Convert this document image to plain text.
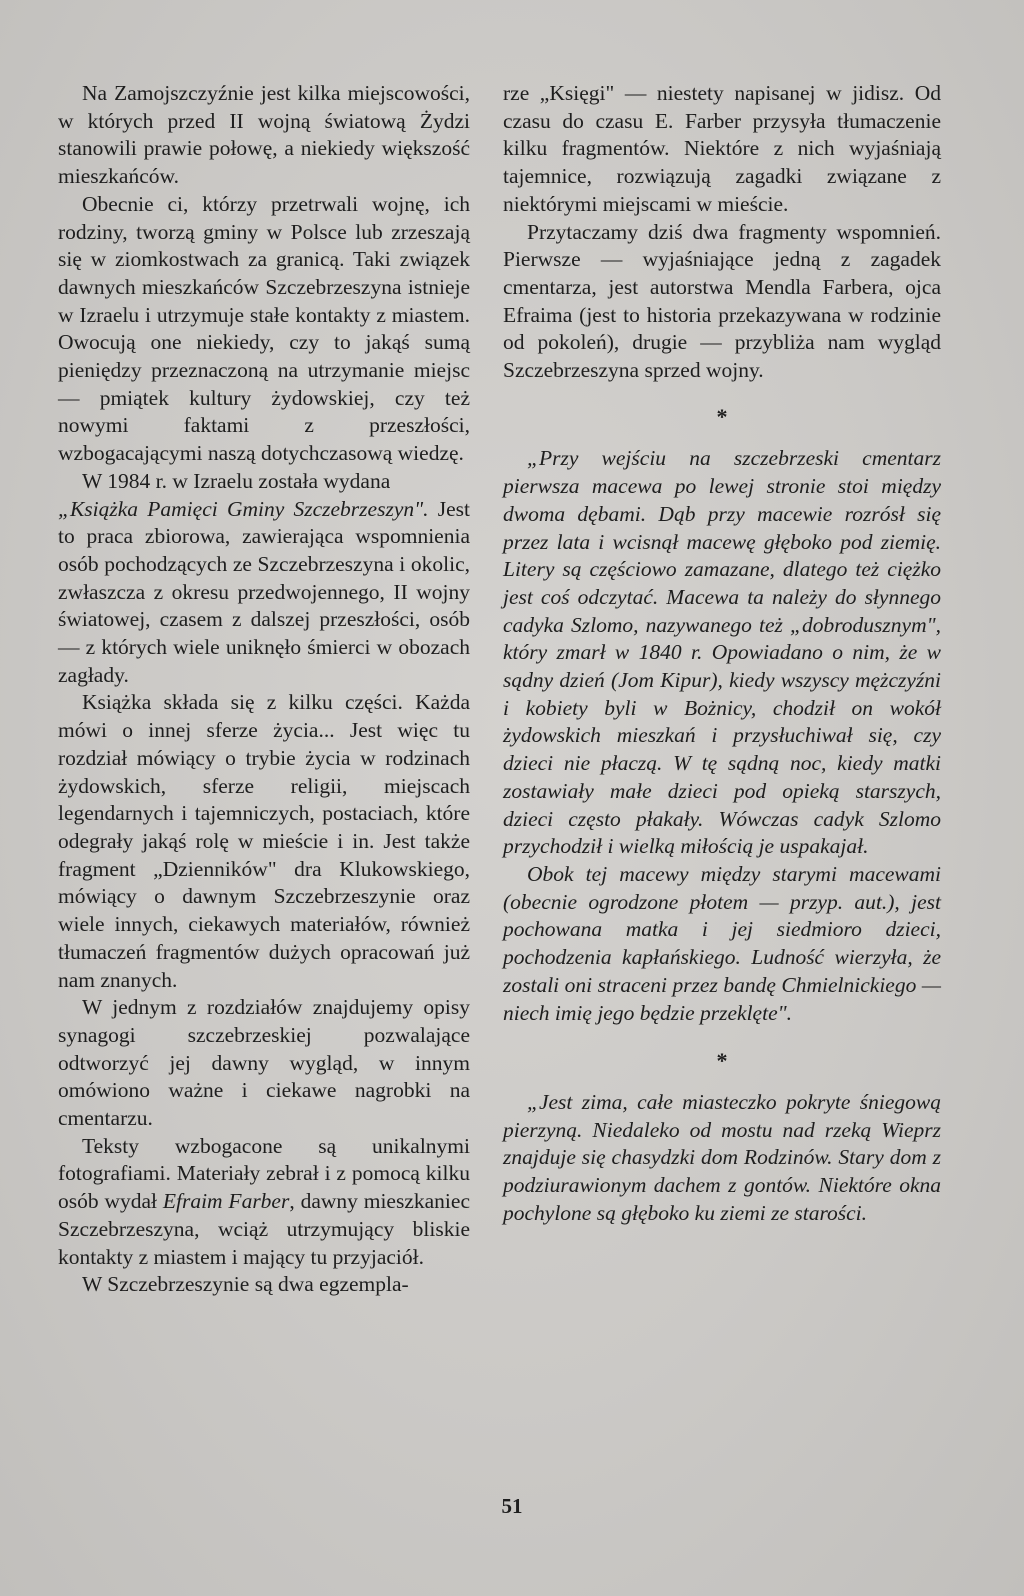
Na Zamojszczyźnie jest kilka miejscowości, w których przed II wojną światową Żydzi stanowili prawie połowę, a niekiedy większość mieszkańców.

Obecnie ci, którzy przetrwali wojnę, ich rodziny, tworzą gminy w Polsce lub zrzeszają się w ziomkostwach za granicą. Taki związek dawnych mieszkańców Szczebrzeszyna istnieje w Izraelu i utrzymuje stałe kontakty z miastem. Owocują one niekiedy, czy to jakąś sumą pieniędzy przeznaczoną na utrzymanie miejsc — pmiątek kultury żydowskiej, czy też nowymi faktami z przeszłości, wzbogacającymi naszą dotychczasową wiedzę.

W 1984 r. w Izraelu została wydana

„Książka Pamięci Gminy Szczebrzeszyn". Jest to praca zbiorowa, zawierająca wspomnienia osób pochodzących ze Szczebrzeszyna i okolic, zwłaszcza z okresu przedwojennego, II wojny światowej, czasem z dalszej przeszłości, osób — z których wiele uniknęło śmierci w obozach zagłady.

Książka składa się z kilku części. Każda mówi o innej sferze życia... Jest więc tu rozdział mówiący o trybie życia w rodzinach żydowskich, sferze religii, miejscach legendarnych i tajemniczych, postaciach, które odegrały jakąś rolę w mieście i in. Jest także fragment „Dzienników" dra Klukowskiego, mówiący o dawnym Szczebrzeszynie oraz wiele innych, ciekawych materiałów, również tłumaczeń fragmentów dużych opracowań już nam znanych.

W jednym z rozdziałów znajdujemy opisy synagogi szczebrzeskiej pozwalające odtworzyć jej dawny wygląd, w innym omówiono ważne i ciekawe nagrobki na cmentarzu.

Teksty wzbogacone są unikalnymi fotografiami. Materiały zebrał i z pomocą kilku osób wydał Efraim Farber, dawny mieszkaniec Szczebrzeszyna, wciąż utrzymujący bliskie kontakty z miastem i mający tu przyjaciół.

W Szczebrzeszynie są dwa egzempla-

rze „Księgi" — niestety napisanej w jidisz. Od czasu do czasu E. Farber przysyła tłumaczenie kilku fragmentów. Niektóre z nich wyjaśniają tajemnice, rozwiązują zagadki związane z niektórymi miejscami w mieście.

Przytaczamy dziś dwa fragmenty wspomnień. Pierwsze — wyjaśniające jedną z zagadek cmentarza, jest autorstwa Mendla Farbera, ojca Efraima (jest to historia przekazywana w rodzinie od pokoleń), drugie — przybliża nam wygląd Szczebrzeszyna sprzed wojny.

*

„Przy wejściu na szczebrzeski cmentarz pierwsza macewa po lewej stronie stoi między dwoma dębami. Dąb przy macewie rozrósł się przez lata i wcisnął macewę głęboko pod ziemię. Litery są częściowo zamazane, dlatego też ciężko jest coś odczytać. Macewa ta należy do słynnego cadyka Szlomo, nazywanego też „dobrodusznym", który zmarł w 1840 r. Opowiadano o nim, że w sądny dzień (Jom Kipur), kiedy wszyscy mężczyźni i kobiety byli w Bożnicy, chodził on wokół żydowskich mieszkań i przysłuchiwał się, czy dzieci nie płaczą. W tę sądną noc, kiedy matki zostawiały małe dzieci pod opieką starszych, dzieci często płakały. Wówczas cadyk Szlomo przychodził i wielką miłością je uspakajał.

Obok tej macewy między starymi macewami (obecnie ogrodzone płotem — przyp. aut.), jest pochowana matka i jej siedmioro dzieci, pochodzenia kapłańskiego. Ludność wierzyła, że zostali oni straceni przez bandę Chmielnickiego — niech imię jego będzie przeklęte".

*

„Jest zima, całe miasteczko pokryte śniegową pierzyną. Niedaleko od mostu nad rzeką Wieprz znajduje się chasydzki dom Rodzinów. Stary dom z podziurawionym dachem z gontów. Niektóre okna pochylone są głęboko ku ziemi ze starości.

51
